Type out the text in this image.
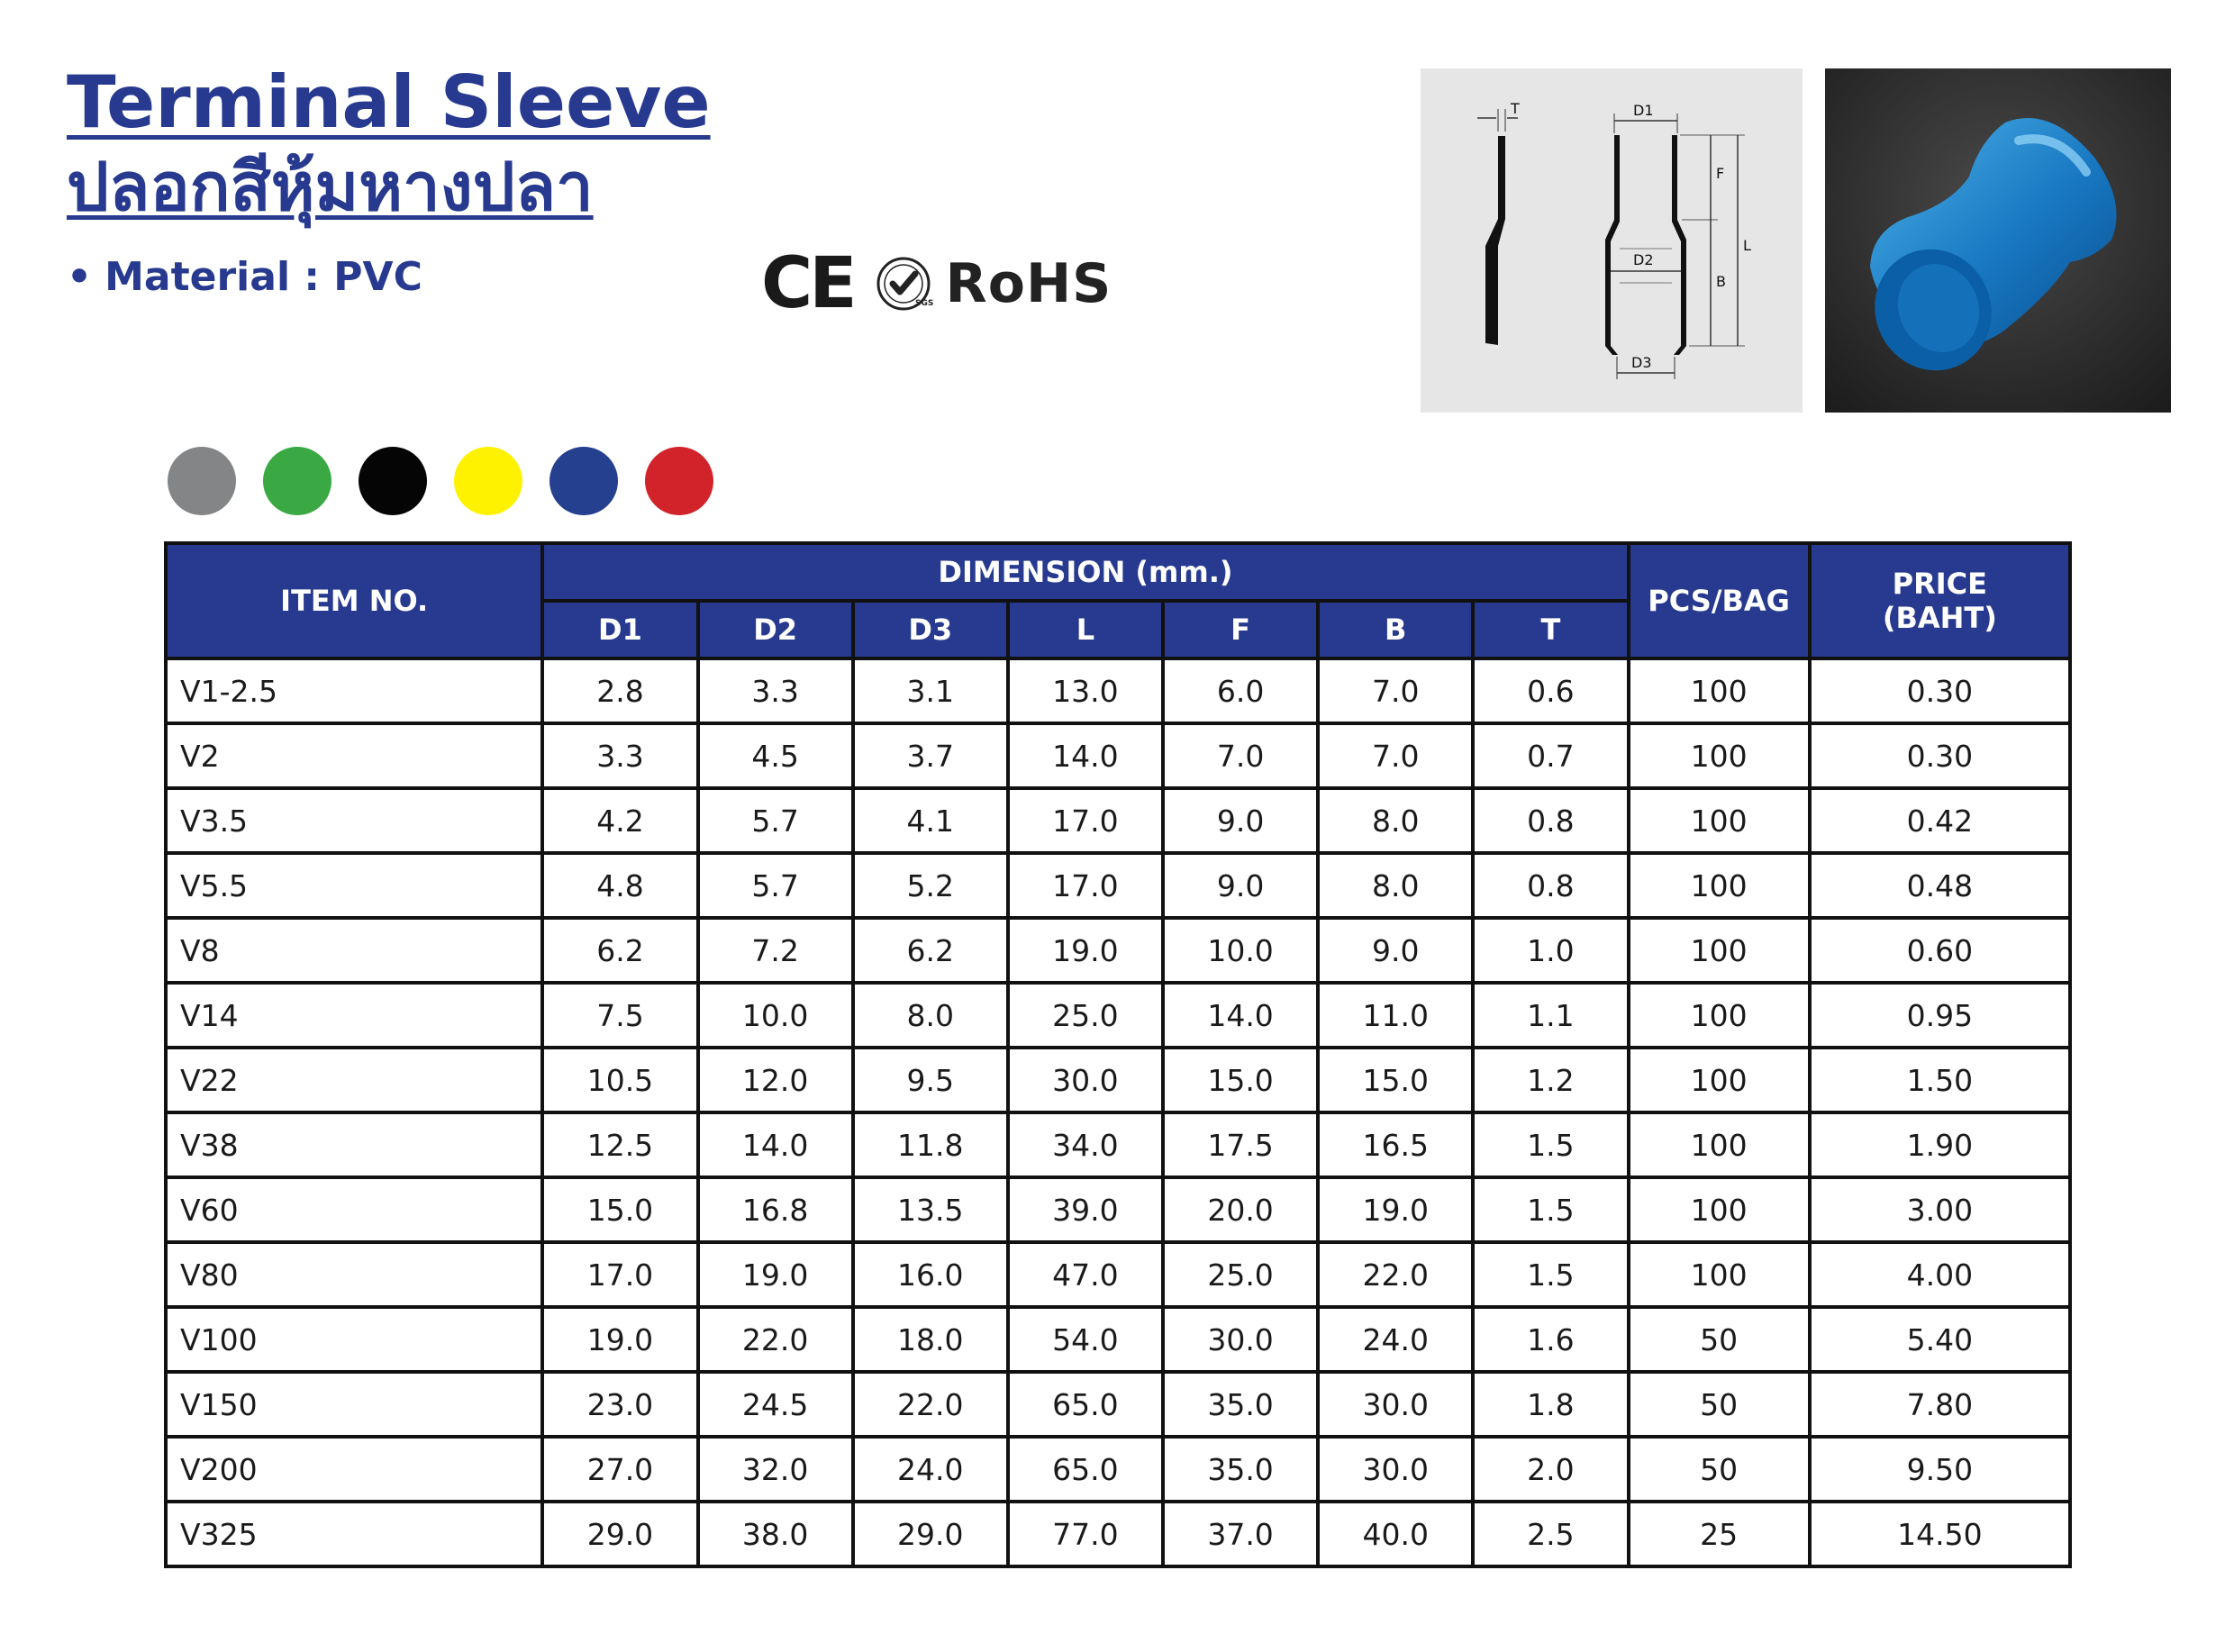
Terminal Sleeve
ปลอกสีหุ้มหางปลา
• Material : PVC	CE	SGS RoHS
T	D1
D2
D3
F
B
L
ITEM NO.	DIMENSION (mm.)							PCS/BAG	PRICE
(BAHT)
	D1	D2	D3	L	F	B	T		
V1-2.5	2.8	3.3	3.1	13.0	6.0	7.0	0.6	100	0.30
V2	3.3	4.5	3.7	14.0	7.0	7.0	0.7	100	0.30
V3.5	4.2	5.7	4.1	17.0	9.0	8.0	0.8	100	0.42
V5.5	4.8	5.7	5.2	17.0	9.0	8.0	0.8	100	0.48
V8	6.2	7.2	6.2	19.0	10.0	9.0	1.0	100	0.60
V14	7.5	10.0	8.0	25.0	14.0	11.0	1.1	100	0.95
V22	10.5	12.0	9.5	30.0	15.0	15.0	1.2	100	1.50
V38	12.5	14.0	11.8	34.0	17.5	16.5	1.5	100	1.90
V60	15.0	16.8	13.5	39.0	20.0	19.0	1.5	100	3.00
V80	17.0	19.0	16.0	47.0	25.0	22.0	1.5	100	4.00
V100	19.0	22.0	18.0	54.0	30.0	24.0	1.6	50	5.40
V150	23.0	24.5	22.0	65.0	35.0	30.0	1.8	50	7.80
V200	27.0	32.0	24.0	65.0	35.0	30.0	2.0	50	9.50
V325	29.0	38.0	29.0	77.0	37.0	40.0	2.5	25	14.50
